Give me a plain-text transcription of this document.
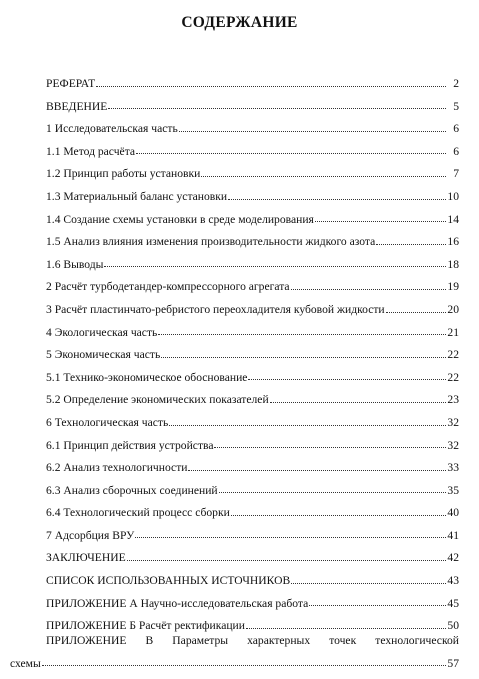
СОДЕРЖАНИЕ
РЕФЕРАТ	2
ВВЕДЕНИЕ	5
1 Исследовательская часть	6
1.1 Метод расчёта	6
1.2 Принцип работы установки	7
1.3 Материальный баланс установки	10
1.4 Создание схемы установки в среде моделирования	14
1.5 Анализ влияния изменения производительности жидкого азота	16
1.6 Выводы	18
2 Расчёт турбодетандер-компрессорного агрегата	19
3 Расчёт пластинчато-ребристого переохладителя кубовой жидкости	20
4 Экологическая часть	21
5 Экономическая часть	22
5.1 Технико-экономическое обоснование	22
5.2 Определение экономических показателей	23
6 Технологическая часть	32
6.1 Принцип действия устройства	32
6.2 Анализ технологичности	33
6.3 Анализ сборочных соединений	35
6.4 Технологический процесс сборки	40
7 Адсорбция ВРУ	41
ЗАКЛЮЧЕНИЕ	42
СПИСОК ИСПОЛЬЗОВАННЫХ ИСТОЧНИКОВ	43
ПРИЛОЖЕНИЕ А Научно-исследовательская работа	45
ПРИЛОЖЕНИЕ Б Расчёт ректификации	50
ПРИЛОЖЕНИЕ В Параметры характерных точек технологической
схемы	57
